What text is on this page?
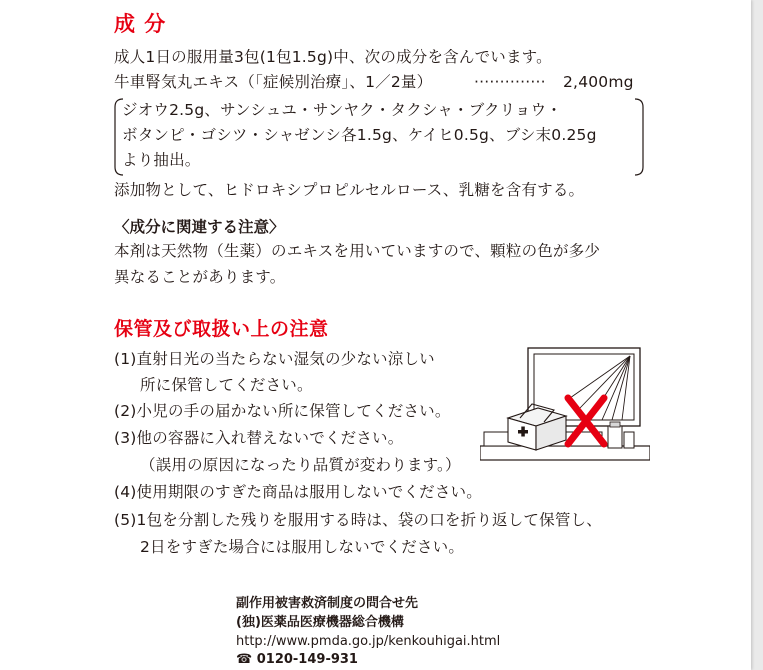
成 分
成人1日の服用量3包(1包1.5g)中、次の成分を含んでいます。
牛車腎気丸エキス（「症候別治療」、1／2量）	·············· 2,400mg
ジオウ2.5g、サンシュユ・サンヤク・タクシャ・ブクリョウ・
ボタンピ・ゴシツ・シャゼンシ各1.5g、ケイヒ0.5g、ブシ末0.25g
より抽出。
添加物として、ヒドロキシプロピルセルロース、乳糖を含有する。
〈成分に関連する注意〉
本剤は天然物（生薬）のエキスを用いていますので、顆粒の色が多少
異なることがあります。
保管及び取扱い上の注意
(1)直射日光の当たらない湿気の少ない涼しい
所に保管してください。
(2)小児の手の届かない所に保管してください。
(3)他の容器に入れ替えないでください。
（誤用の原因になったり品質が変わります。）
(4)使用期限のすぎた商品は服用しないでください。
(5)1包を分割した残りを服用する時は、袋の口を折り返して保管し、
2日をすぎた場合には服用しないでください。
副作用被害救済制度の問合せ先
(独)医薬品医療機器総合機構
http://www.pmda.go.jp/kenkouhigai.html
☎ 0120-149-931
